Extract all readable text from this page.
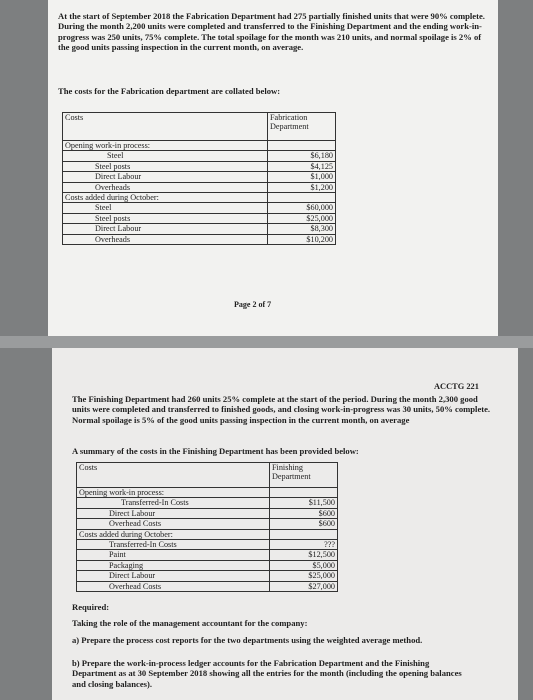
At the start of September 2018 the Fabrication Department had 275 partially finished units that were 90% complete. During the month 2,200 units were completed and transferred to the Finishing Department and the ending work-in-progress was 250 units, 75% complete. The total spoilage for the month was 210 units, and normal spoilage is 2% of the good units passing inspection in the current month, on average.

The costs for the Fabrication department are collated below:

Costs	Fabrication Department
Opening work-in process:	
Steel	$6,180
Steel posts	$4,125
Direct Labour	$1,000
Overheads	$1,200
Costs added during October:	
Steel	$60,000
Steel posts	$25,000
Direct Labour	$8,300
Overheads	$10,200
Page 2 of 7
ACCTG 221

The Finishing Department had 260 units 25% complete at the start of the period. During the month 2,300 good units were completed and transferred to finished goods, and closing work-in-progress was 30 units, 50% complete. Normal spoilage is 5% of the good units passing inspection in the current month, on average

A summary of the costs in the Finishing Department has been provided below:

Costs	Finishing Department
Opening work-in process:	
Transferred-In Costs	$11,500
Direct Labour	$600
Overhead Costs	$600
Costs added during October:	
Transferred-In Costs	???
Paint	$12,500
Packaging	$5,000
Direct Labour	$25,000
Overhead Costs	$27,000

Required:

Taking the role of the management accountant for the company:

a) Prepare the process cost reports for the two departments using the weighted average method.

b) Prepare the work-in-process ledger accounts for the Fabrication Department and the Finishing Department as at 30 September 2018 showing all the entries for the month (including the opening balances and closing balances).
